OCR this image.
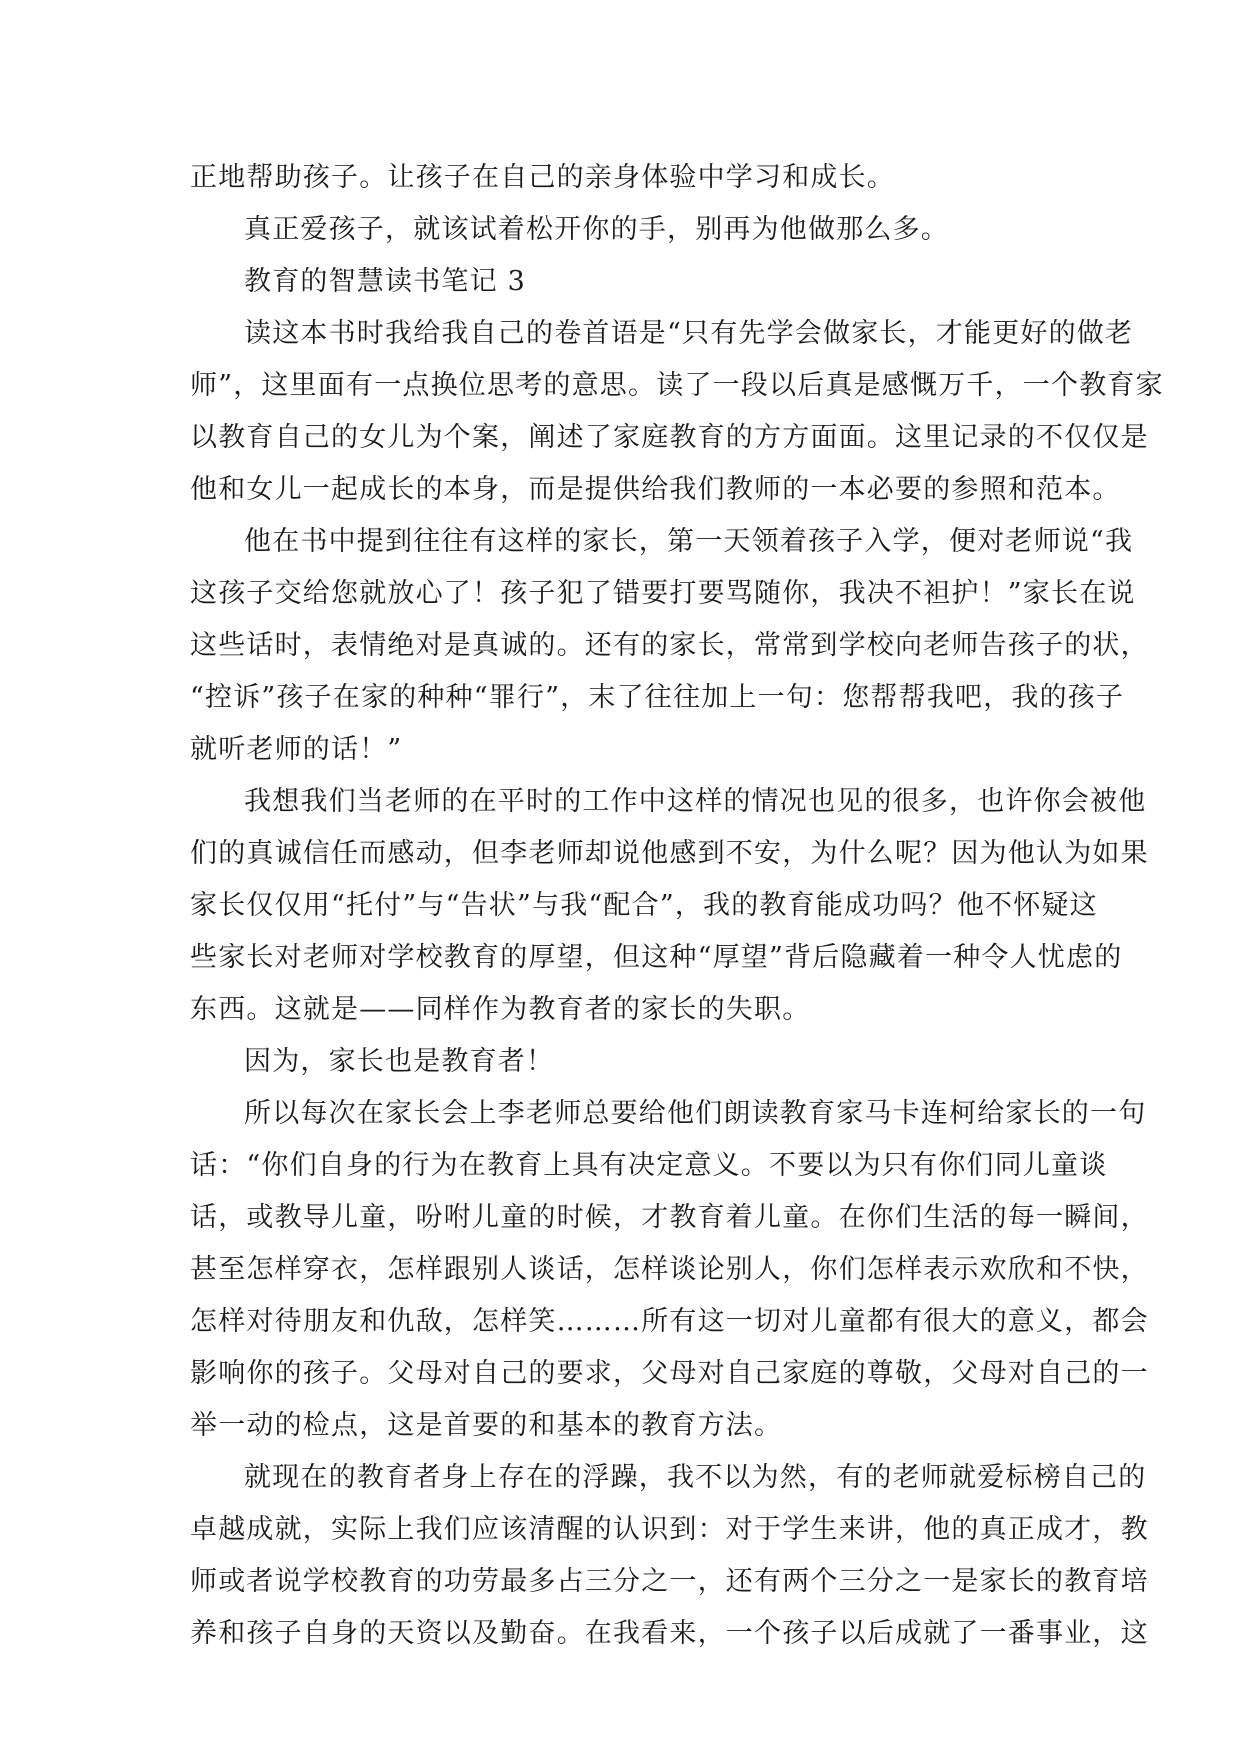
正地帮助孩子。让孩子在自己的亲身体验中学习和成长。
真正爱孩子，就该试着松开你的手，别再为他做那么多。
教育的智慧读书笔记 3
读这本书时我给我自己的卷首语是“只有先学会做家长，才能更好的做老
师”，这里面有一点换位思考的意思。读了一段以后真是感慨万千，一个教育家
以教育自己的女儿为个案，阐述了家庭教育的方方面面。这里记录的不仅仅是
他和女儿一起成长的本身，而是提供给我们教师的一本必要的参照和范本。
他在书中提到往往有这样的家长，第一天领着孩子入学，便对老师说“我
这孩子交给您就放心了！孩子犯了错要打要骂随你，我决不袒护！”家长在说
这些话时，表情绝对是真诚的。还有的家长，常常到学校向老师告孩子的状，
“控诉”孩子在家的种种“罪行”，末了往往加上一句：您帮帮我吧，我的孩子
就听老师的话！”
我想我们当老师的在平时的工作中这样的情况也见的很多，也许你会被他
们的真诚信任而感动，但李老师却说他感到不安，为什么呢？因为他认为如果
家长仅仅用“托付”与“告状”与我“配合”，我的教育能成功吗？他不怀疑这
些家长对老师对学校教育的厚望，但这种“厚望”背后隐藏着一种令人忧虑的
东西。这就是——同样作为教育者的家长的失职。
因为，家长也是教育者！
所以每次在家长会上李老师总要给他们朗读教育家马卡连柯给家长的一句
话：“你们自身的行为在教育上具有决定意义。不要以为只有你们同儿童谈
话，或教导儿童，吩咐儿童的时候，才教育着儿童。在你们生活的每一瞬间，
甚至怎样穿衣，怎样跟别人谈话，怎样谈论别人，你们怎样表示欢欣和不快，
怎样对待朋友和仇敌，怎样笑………所有这一切对儿童都有很大的意义，都会
影响你的孩子。父母对自己的要求，父母对自己家庭的尊敬，父母对自己的一
举一动的检点，这是首要的和基本的教育方法。
就现在的教育者身上存在的浮躁，我不以为然，有的老师就爱标榜自己的
卓越成就，实际上我们应该清醒的认识到：对于学生来讲，他的真正成才，教
师或者说学校教育的功劳最多占三分之一，还有两个三分之一是家长的教育培
养和孩子自身的天资以及勤奋。在我看来，一个孩子以后成就了一番事业，这
